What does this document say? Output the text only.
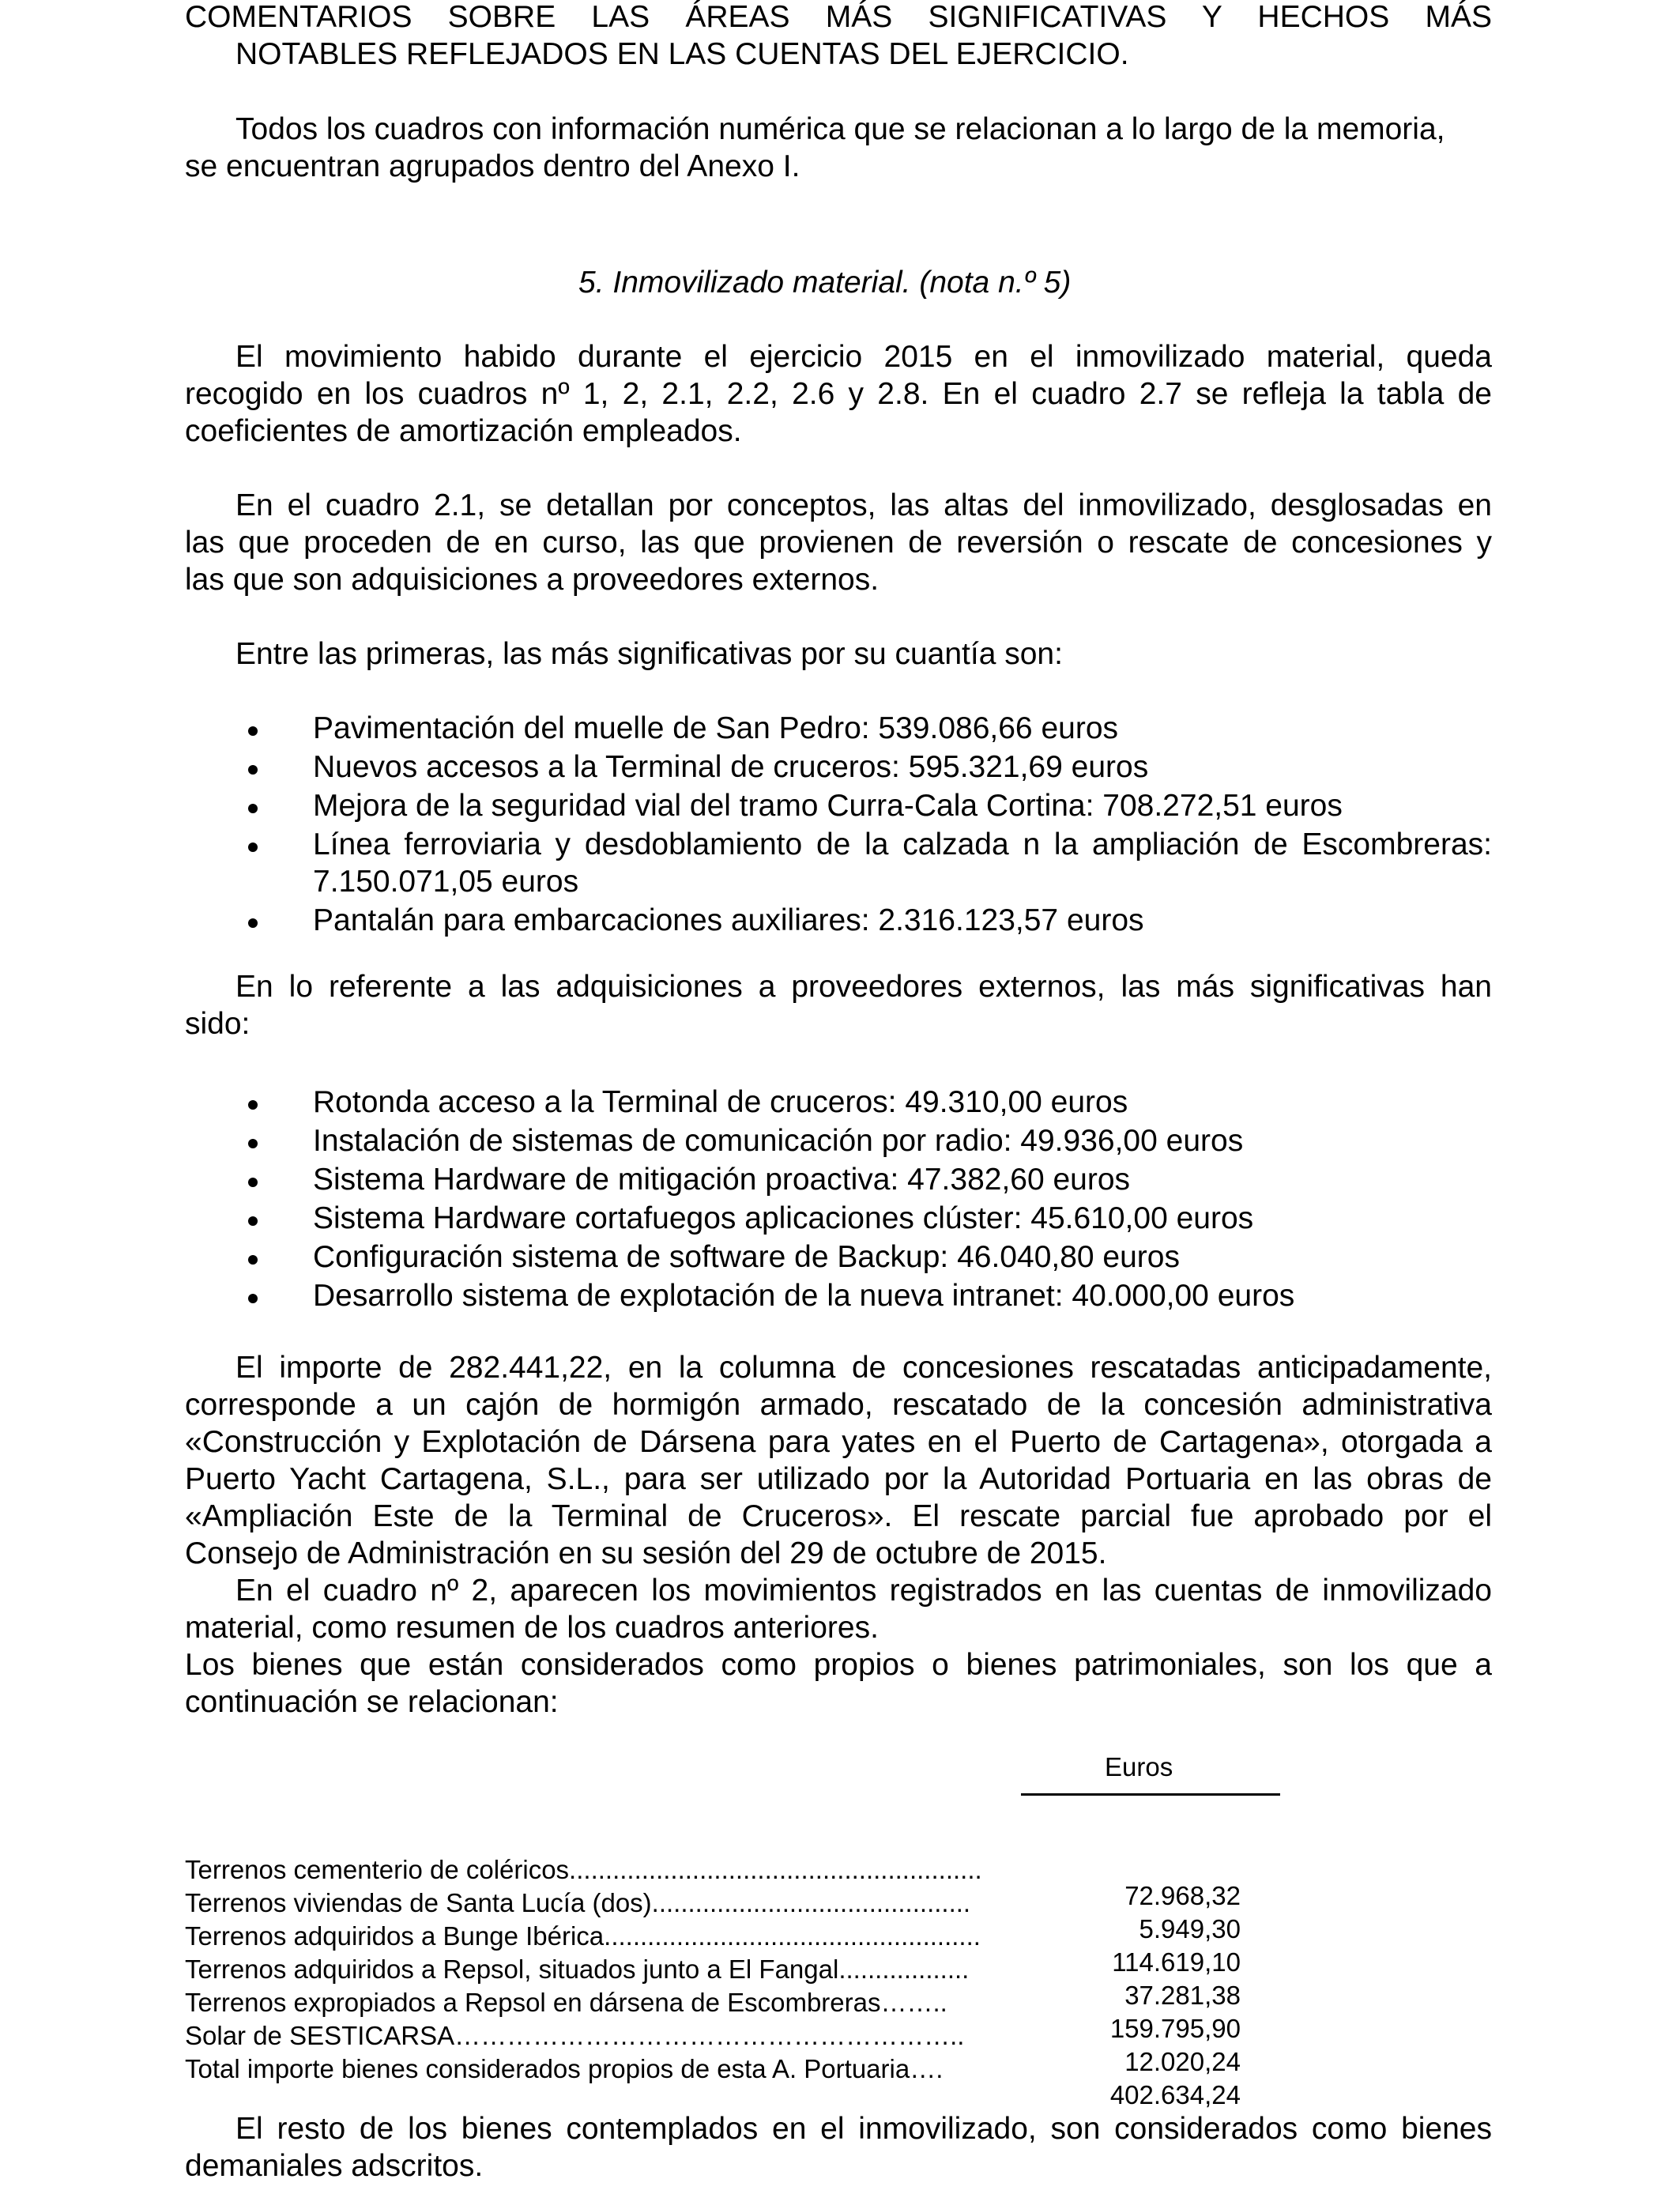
COMENTARIOS SOBRE LAS ÁREAS MÁS SIGNIFICATIVAS Y HECHOS MÁS

NOTABLES REFLEJADOS EN LAS CUENTAS DEL EJERCICIO.

Todos los cuadros con información numérica que se relacionan a lo largo de la memoria,

se encuentran agrupados dentro del Anexo I.

5. Inmovilizado material. (nota n.º 5)

El movimiento habido durante el ejercicio 2015 en el inmovilizado material, queda

recogido en los cuadros nº 1, 2, 2.1, 2.2, 2.6 y 2.8. En el cuadro 2.7 se refleja la tabla de

coeficientes de amortización empleados.

En el cuadro 2.1, se detallan por conceptos, las altas del inmovilizado, desglosadas en

las que proceden de en curso, las que provienen de reversión o rescate de concesiones y

las que son adquisiciones a proveedores externos.

Entre las primeras, las más significativas por su cuantía son:

Pavimentación del muelle de San Pedro: 539.086,66 euros

Nuevos accesos a la Terminal de cruceros: 595.321,69 euros

Mejora de la seguridad vial del tramo Curra-Cala Cortina: 708.272,51 euros

Línea ferroviaria y desdoblamiento de la calzada n la ampliación de Escombreras:

7.150.071,05 euros

Pantalán para embarcaciones auxiliares: 2.316.123,57 euros

En lo referente a las adquisiciones a proveedores externos, las más significativas han

sido:

Rotonda acceso a la Terminal de cruceros: 49.310,00 euros

Instalación de sistemas de comunicación por radio: 49.936,00 euros

Sistema Hardware de mitigación proactiva: 47.382,60 euros

Sistema Hardware cortafuegos aplicaciones clúster: 45.610,00 euros

Configuración sistema de software de Backup: 46.040,80 euros

Desarrollo sistema de explotación de la nueva intranet: 40.000,00 euros

El importe de 282.441,22, en la columna de concesiones rescatadas anticipadamente,

corresponde a un cajón de hormigón armado, rescatado de la concesión administrativa

«Construcción y Explotación de Dársena para yates en el Puerto de Cartagena», otorgada a

Puerto Yacht Cartagena, S.L., para ser utilizado por la Autoridad Portuaria en las obras de

«Ampliación Este de la Terminal de Cruceros». El rescate parcial fue aprobado por el

Consejo de Administración en su sesión del 29 de octubre de 2015.

En el cuadro nº 2, aparecen los movimientos registrados en las cuentas de inmovilizado

material, como resumen de los cuadros anteriores.

Los bienes que están considerados como propios o bienes patrimoniales, son los que a

continuación se relacionan:

Euros

Terrenos cementerio de coléricos.........................................................

72.968,32

Terrenos viviendas de Santa Lucía (dos)............................................

5.949,30

Terrenos adquiridos a Bunge Ibérica....................................................

114.619,10

Terrenos adquiridos a Repsol, situados junto a El Fangal..................

37.281,38

Terrenos expropiados a Repsol en dársena de Escombreras……..

159.795,90

Solar de SESTICARSA…………………………………………………..

12.020,24

Total importe bienes considerados propios de esta A. Portuaria….

402.634,24

El resto de los bienes contemplados en el inmovilizado, son considerados como bienes

demaniales adscritos.
